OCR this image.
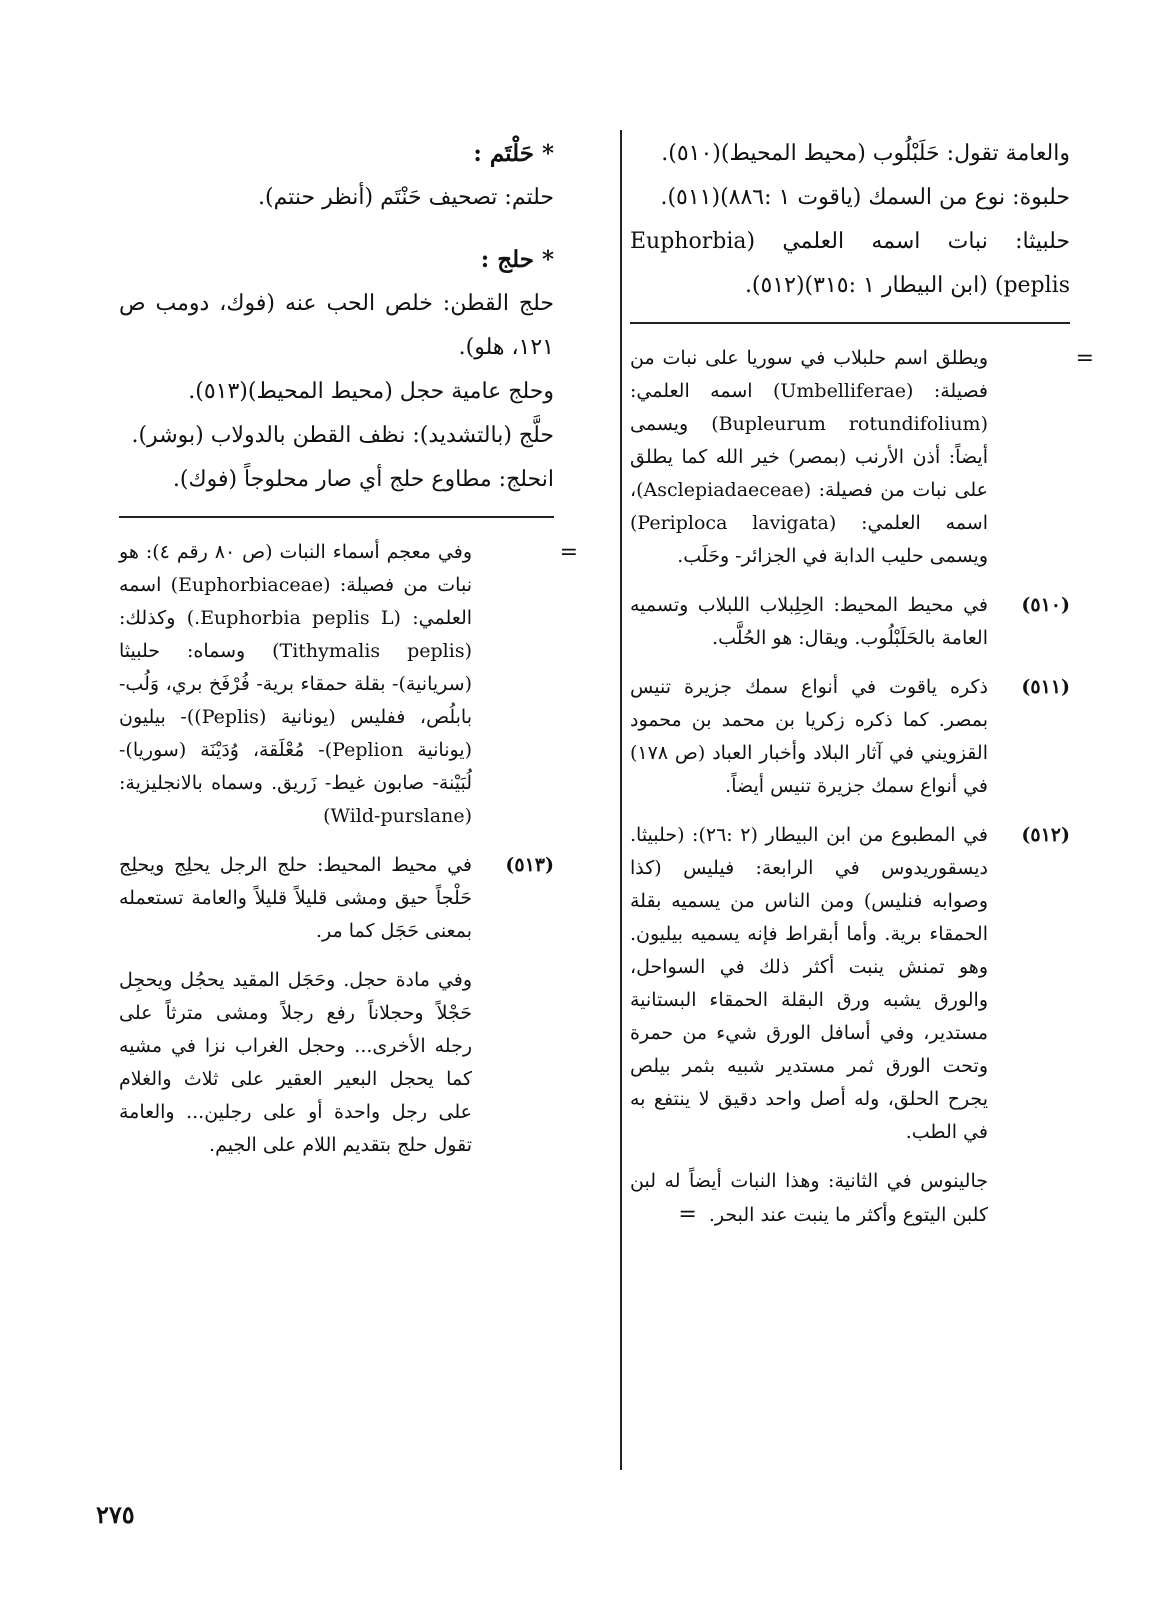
والعامة تقول: حَلَبْلُوب (محيط المحيط)(٥١٠).

حلبوة: نوع من السمك (ياقوت ١ :٨٨٦)(٥١١).

حلبيثا: نبات اسمه العلمي (Euphorbia peplis) (ابن البيطار ١ :٣١٥)(٥١٢).

=
ويطلق اسم حلبلاب في سوريا على نبات من فصيلة: (Umbelliferae) اسمه العلمي: (Bupleurum rotundifolium) ويسمى أيضاً: أذن الأرنب (بمصر) خير الله كما يطلق على نبات من فصيلة: (Asclepiadaeceae)، اسمه العلمي: (Periploca lavigata) ويسمى حليب الدابة في الجزائر- وحَلَب.
(٥١٠)
في محيط المحيط: الحِلِبلاب اللبلاب وتسميه العامة بالحَلَبْلُوب. ويقال: هو الحُلَّب.
(٥١١)
ذكره ياقوت في أنواع سمك جزيرة تنيس بمصر. كما ذكره زكريا بن محمد بن محمود القزويني في آثار البلاد وأخبار العباد (ص ١٧٨) في أنواع سمك جزيرة تنيس أيضاً.
(٥١٢)
في المطبوع من ابن البيطار (٢ :٢٦): (حلبيثا. ديسقوريدوس في الرابعة: فيليس (كذا وصوابه فنليس) ومن الناس من يسميه بقلة الحمقاء برية. وأما أبقراط فإنه يسميه بيليون. وهو تمنش ينبت أكثر ذلك في السواحل، والورق يشبه ورق البقلة الحمقاء البستانية مستدير، وفي أسافل الورق شيء من حمرة وتحت الورق ثمر مستدير شبيه بثمر بيلص يجرح الحلق، وله أصل واحد دقيق لا ينتفع به في الطب.
جالينوس في الثانية: وهذا النبات أيضاً له لبن كلبن اليتوع وأكثر ما ينبت عند البحر. =

* حَلْتَم :

حلتم: تصحيف حَنْتَم (أنظر حنتم).

* حلج :

حلج القطن: خلص الحب عنه (فوك، دومب ص ١٢١، هلو).

وحلج عامية حجل (محيط المحيط)(٥١٣).

حلَّج (بالتشديد): نظف القطن بالدولاب (بوشر).

انحلج: مطاوع حلج أي صار محلوجاً (فوك).

=
وفي معجم أسماء النبات (ص ٨٠ رقم ٤): هو نبات من فصيلة: (Euphorbiaceae) اسمه العلمي: (Euphorbia peplis L.) وكذلك: (Tithymalis peplis) وسماه: حلبيثا (سريانية)- بقلة حمقاء برية- فُرْفَخ بري، وَلُب- بابلُص، ففليس (يونانية (Peplis))- بيليون (يونانية Peplion)- مُعْلَقة، وُدَيْنَة (سوريا)- لُبَيْنة- صابون غيط- زَريق. وسماه بالانجليزية: (Wild-purslane)
(٥١٣)
في محيط المحيط: حلج الرجل يحلِج ويحلِج حَلْجاً حيق ومشى قليلاً قليلاً والعامة تستعمله بمعنى حَجَل كما مر.
وفي مادة حجل. وحَجَل المقيد يحجُل ويحجِل حَجْلاً وحجلاناً رفع رجلاً ومشى مترثاً على رجله الأخرى... وحجل الغراب نزا في مشيه كما يحجل البعير العقير على ثلاث والغلام على رجل واحدة أو على رجلين... والعامة تقول حلج بتقديم اللام على الجيم.
٢٧٥
